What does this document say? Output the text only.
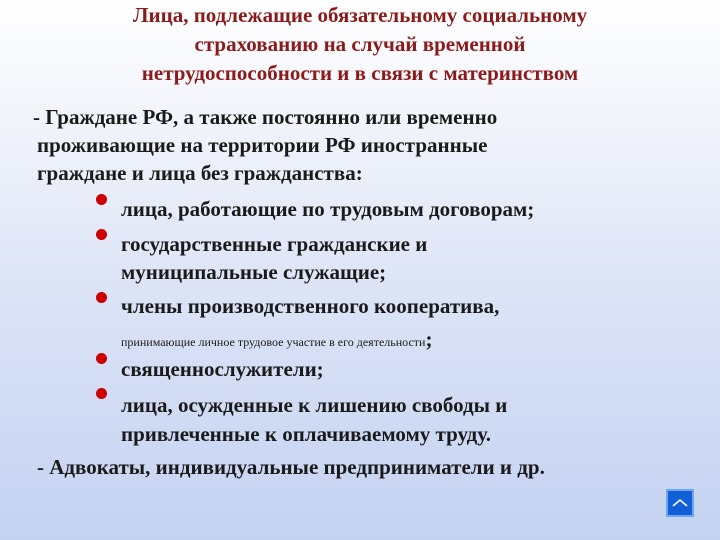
Лица, подлежащие обязательному социальному
страхованию на случай временной
нетрудоспособности и в связи с материнством
- Граждане РФ, а также постоянно или временно
проживающие на территории РФ иностранные
граждане и лица без гражданства:
лица, работающие по трудовым договорам;
государственные гражданские и
муниципальные служащие;
члены производственного кооператива,
принимающие личное трудовое участие в его деятельности;
священнослужители;
лица, осужденные к лишению свободы и
привлеченные к оплачиваемому труду.
- Адвокаты, индивидуальные предприниматели и др.
